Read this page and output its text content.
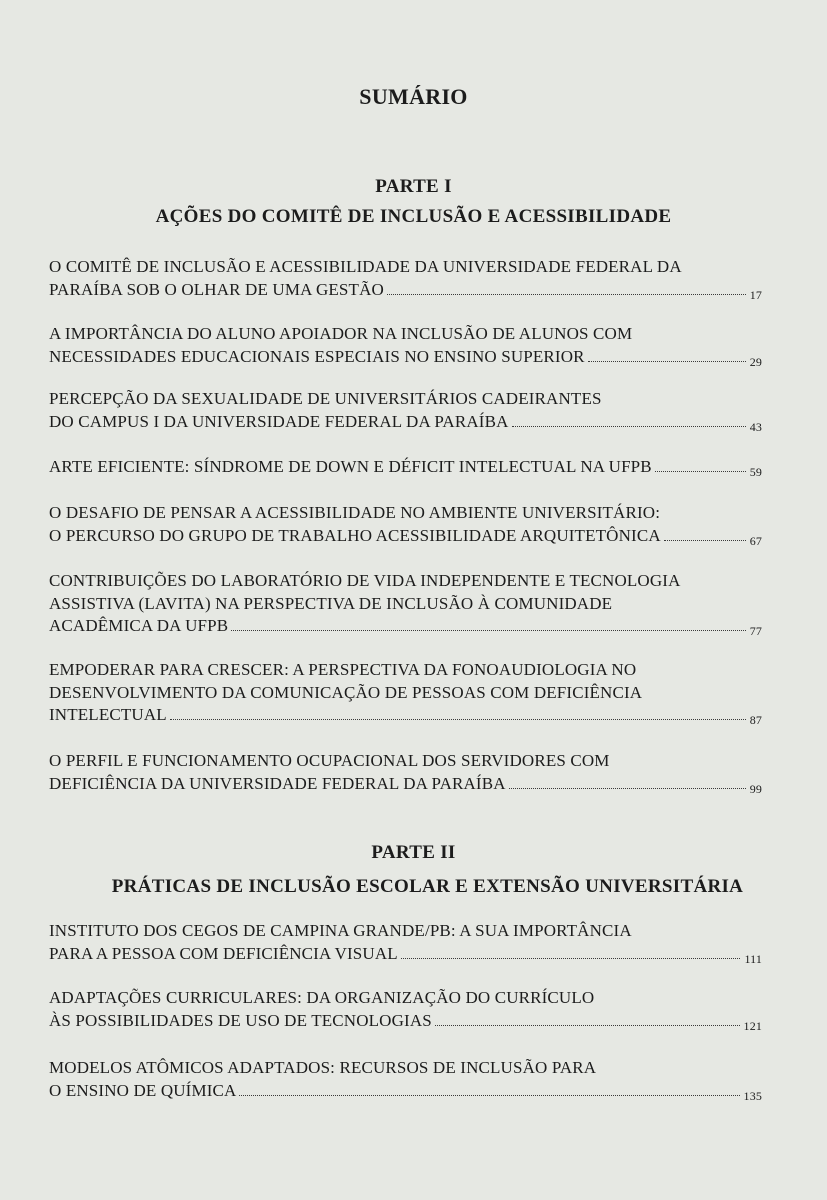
SUMÁRIO
PARTE I
AÇÕES DO COMITÊ DE INCLUSÃO E ACESSIBILIDADE
O COMITÊ DE INCLUSÃO E ACESSIBILIDADE DA UNIVERSIDADE FEDERAL DA
PARAÍBA SOB O OLHAR DE UMA GESTÃO	17
A IMPORTÂNCIA DO ALUNO APOIADOR NA INCLUSÃO DE ALUNOS COM
NECESSIDADES EDUCACIONAIS ESPECIAIS NO ENSINO SUPERIOR	29
PERCEPÇÃO DA SEXUALIDADE DE UNIVERSITÁRIOS CADEIRANTES
DO CAMPUS I DA UNIVERSIDADE FEDERAL DA PARAÍBA	43
ARTE EFICIENTE: SÍNDROME DE DOWN E DÉFICIT INTELECTUAL NA UFPB	59
O DESAFIO DE PENSAR A ACESSIBILIDADE NO AMBIENTE UNIVERSITÁRIO:
O PERCURSO DO GRUPO DE TRABALHO ACESSIBILIDADE ARQUITETÔNICA	67
CONTRIBUIÇÕES DO LABORATÓRIO DE VIDA INDEPENDENTE E TECNOLOGIA
ASSISTIVA (LAVITA) NA PERSPECTIVA DE INCLUSÃO À COMUNIDADE
ACADÊMICA DA UFPB	77
EMPODERAR PARA CRESCER: A PERSPECTIVA DA FONOAUDIOLOGIA NO
DESENVOLVIMENTO DA COMUNICAÇÃO DE PESSOAS COM DEFICIÊNCIA
INTELECTUAL	87
O PERFIL E FUNCIONAMENTO OCUPACIONAL DOS SERVIDORES COM
DEFICIÊNCIA DA UNIVERSIDADE FEDERAL DA PARAÍBA	99
PARTE II
PRÁTICAS DE INCLUSÃO ESCOLAR E EXTENSÃO UNIVERSITÁRIA
INSTITUTO DOS CEGOS DE CAMPINA GRANDE/PB: A SUA IMPORTÂNCIA
PARA A PESSOA COM DEFICIÊNCIA VISUAL	111
ADAPTAÇÕES CURRICULARES: DA ORGANIZAÇÃO DO CURRÍCULO
ÀS POSSIBILIDADES DE USO DE TECNOLOGIAS	121
MODELOS ATÔMICOS ADAPTADOS: RECURSOS DE INCLUSÃO PARA
O ENSINO DE QUÍMICA	135
